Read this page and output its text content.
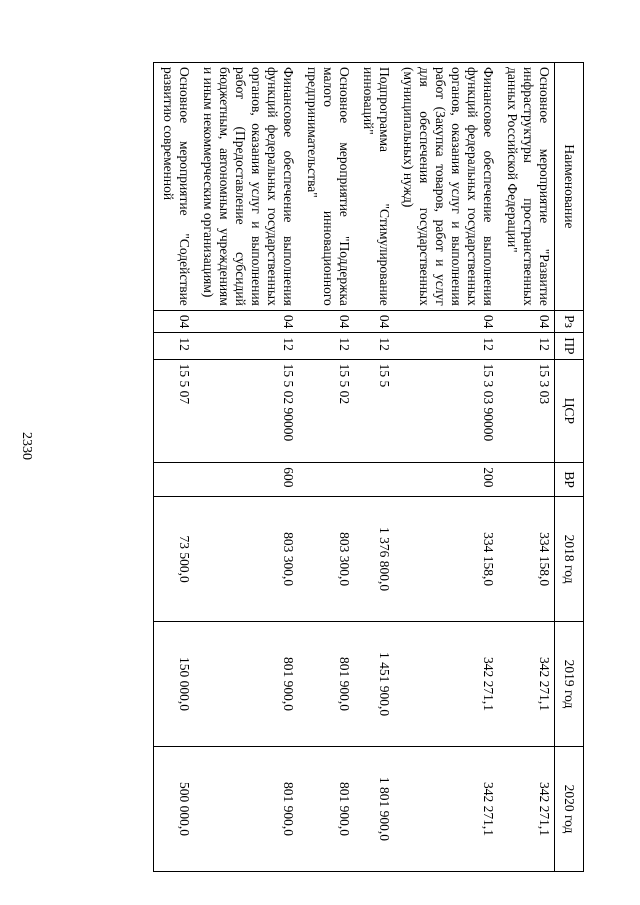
2330
Наименование	Рз	ПР	ЦСР	ВР	2018 год	2019 год	2020 год
Основное мероприятие "Развитие инфраструктуры пространственных данных Российской Федерации"	04	12	15 3 03		334 158,0	342 271,1	342 271,1
Финансовое обеспечение выполнения функций федеральных государственных органов, оказания услуг и выполнения работ (Закупка товаров, работ и услуг для обеспечения государственных (муниципальных) нужд)	04	12	15 3 03 90000	200	334 158,0	342 271,1	342 271,1
Подпрограмма "Стимулирование инноваций"	04	12	15 5		1 376 800,0	1 451 900,0	1 801 900,0
Основное мероприятие "Поддержка малого инновационного предпринимательства"	04	12	15 5 02		803 300,0	801 900,0	801 900,0
Финансовое обеспечение выполнения функций федеральных государственных органов, оказания услуг и выполнения работ (Предоставление субсидий бюджетным, автономным учреждениям и иным некоммерческим организациям)	04	12	15 5 02 90000	600	803 300,0	801 900,0	801 900,0
Основное мероприятие "Содействие развитию современной	04	12	15 5 07		73 500,0	150 000,0	500 000,0
